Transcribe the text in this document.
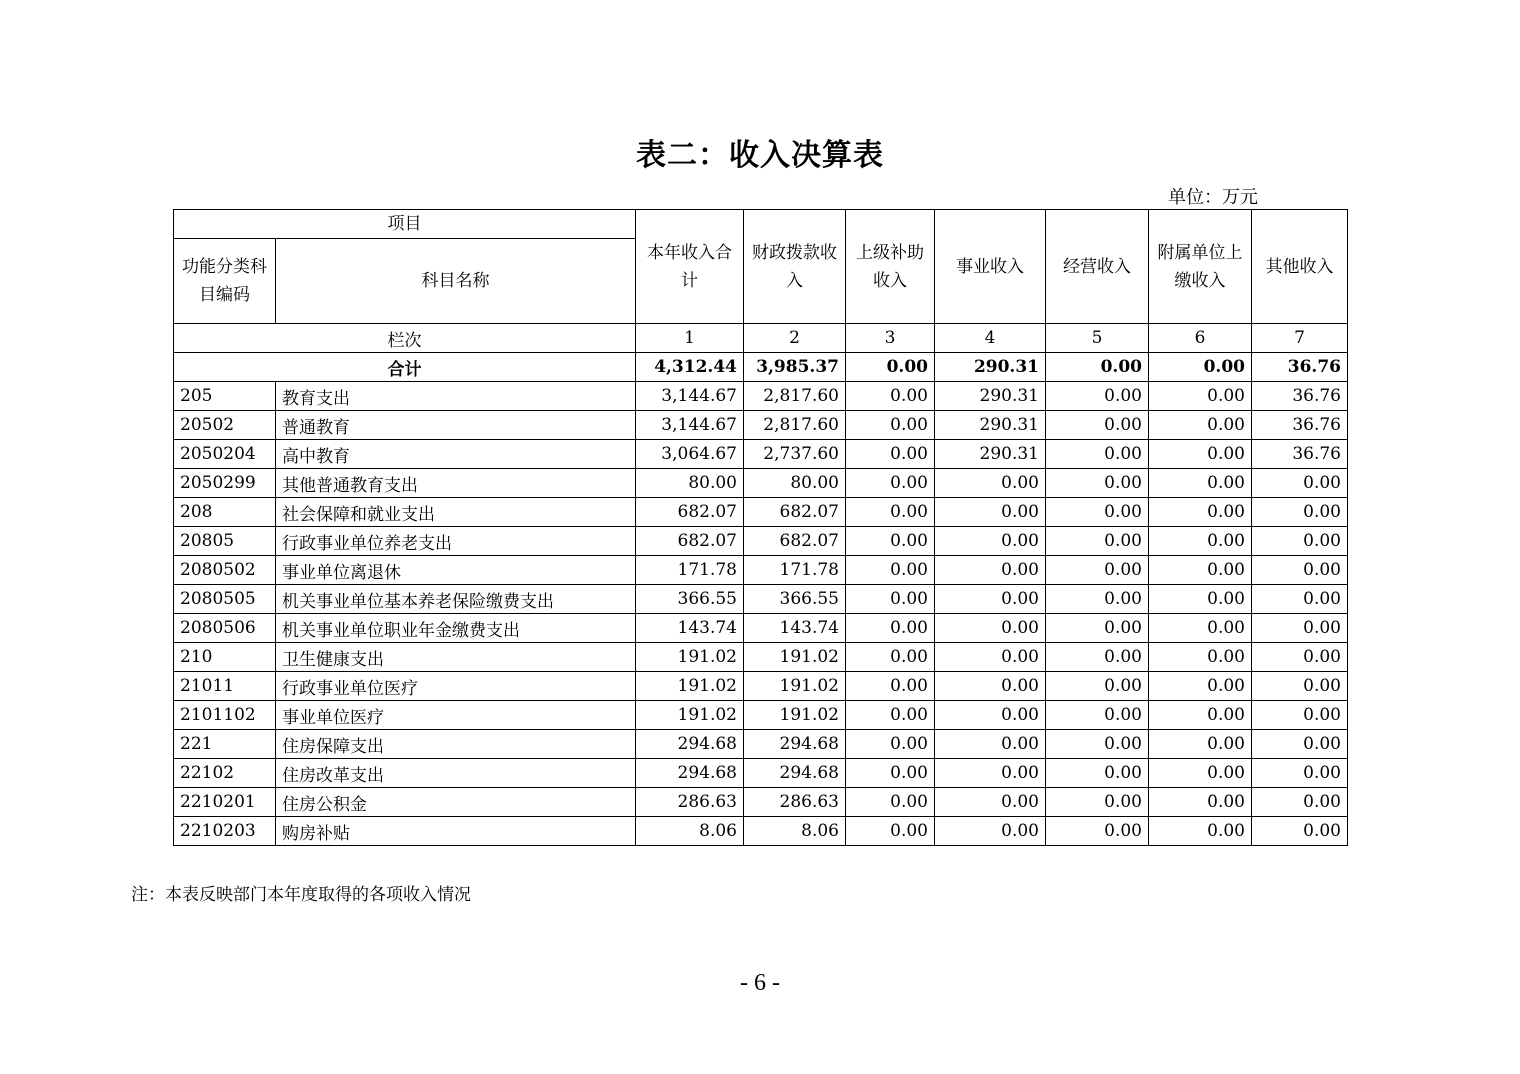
表二：收入决算表
单位：万元
项目		本年收入合计	财政拨款收入	上级补助收入	事业收入	经营收入	附属单位上缴收入	其他收入
功能分类科目编码	科目名称							
栏次		1	2	3	4	5	6	7
合计		4,312.44	3,985.37	0.00	290.31	0.00	0.00	36.76
205	教育支出	3,144.67	2,817.60	0.00	290.31	0.00	0.00	36.76
20502	普通教育	3,144.67	2,817.60	0.00	290.31	0.00	0.00	36.76
2050204	高中教育	3,064.67	2,737.60	0.00	290.31	0.00	0.00	36.76
2050299	其他普通教育支出	80.00	80.00	0.00	0.00	0.00	0.00	0.00
208	社会保障和就业支出	682.07	682.07	0.00	0.00	0.00	0.00	0.00
20805	行政事业单位养老支出	682.07	682.07	0.00	0.00	0.00	0.00	0.00
2080502	事业单位离退休	171.78	171.78	0.00	0.00	0.00	0.00	0.00
2080505	机关事业单位基本养老保险缴费支出	366.55	366.55	0.00	0.00	0.00	0.00	0.00
2080506	机关事业单位职业年金缴费支出	143.74	143.74	0.00	0.00	0.00	0.00	0.00
210	卫生健康支出	191.02	191.02	0.00	0.00	0.00	0.00	0.00
21011	行政事业单位医疗	191.02	191.02	0.00	0.00	0.00	0.00	0.00
2101102	事业单位医疗	191.02	191.02	0.00	0.00	0.00	0.00	0.00
221	住房保障支出	294.68	294.68	0.00	0.00	0.00	0.00	0.00
22102	住房改革支出	294.68	294.68	0.00	0.00	0.00	0.00	0.00
2210201	住房公积金	286.63	286.63	0.00	0.00	0.00	0.00	0.00
2210203	购房补贴	8.06	8.06	0.00	0.00	0.00	0.00	0.00
注：本表反映部门本年度取得的各项收入情况
- 6 -
